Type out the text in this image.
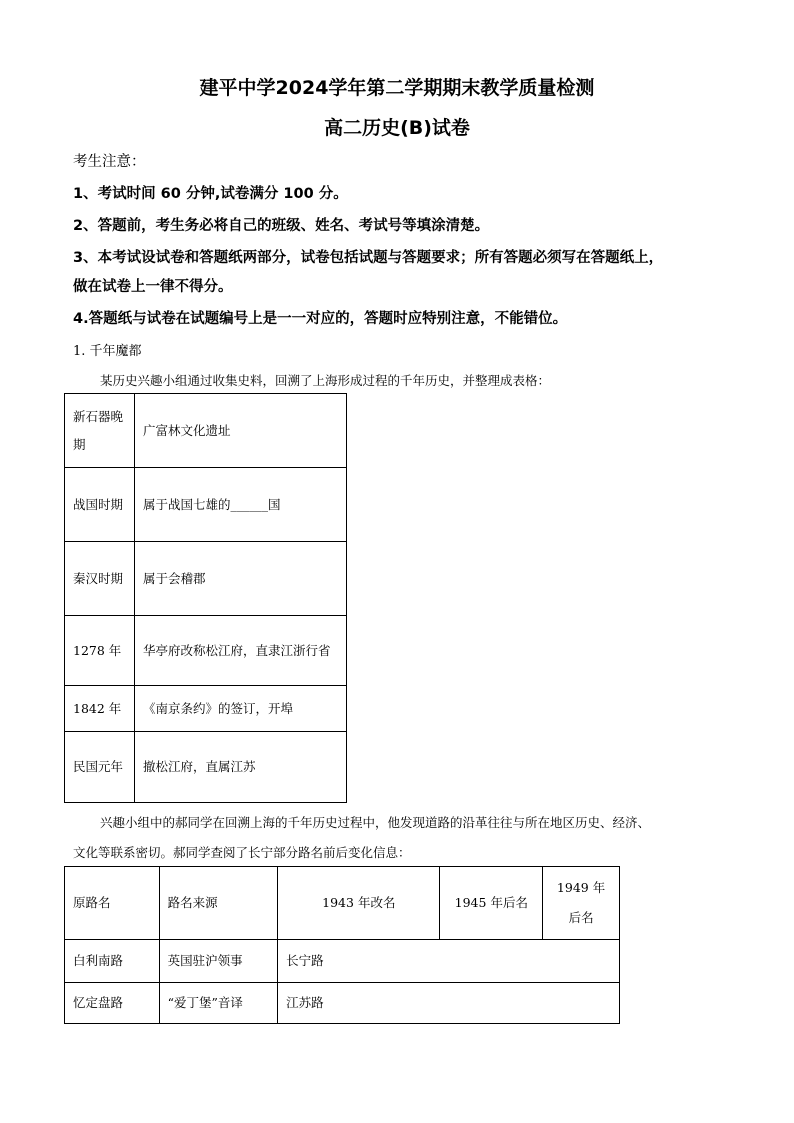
建平中学2024学年第二学期期末教学质量检测
高二历史(B)试卷
考生注意：
1、考试时间 60 分钟,试卷满分 100 分。
2、答题前，考生务必将自己的班级、姓名、考试号等填涂清楚。
3、本考试设试卷和答题纸两部分，试卷包括试题与答题要求；所有答题必须写在答题纸上，
做在试卷上一律不得分。
4.答题纸与试卷在试题编号上是一一对应的，答题时应特别注意，不能错位。
1. 千年魔都
某历史兴趣小组通过收集史料，回溯了上海形成过程的千年历史，并整理成表格：
新石器晚期	广富林文化遗址
战国时期	属于战国七雄的______国
秦汉时期	属于会稽郡
1278 年	华亭府改称松江府，直隶江浙行省
1842 年	《南京条约》的签订，开埠
民国元年	撤松江府，直属江苏
兴趣小组中的郝同学在回溯上海的千年历史过程中，他发现道路的沿革往往与所在地区历史、经济、
文化等联系密切。郝同学查阅了长宁部分路名前后变化信息：
原路名	路名来源	1943 年改名	1945 年后名	1949 年后名
白利南路	英国驻沪领事	长宁路		
忆定盘路	“爱丁堡”音译	江苏路		
